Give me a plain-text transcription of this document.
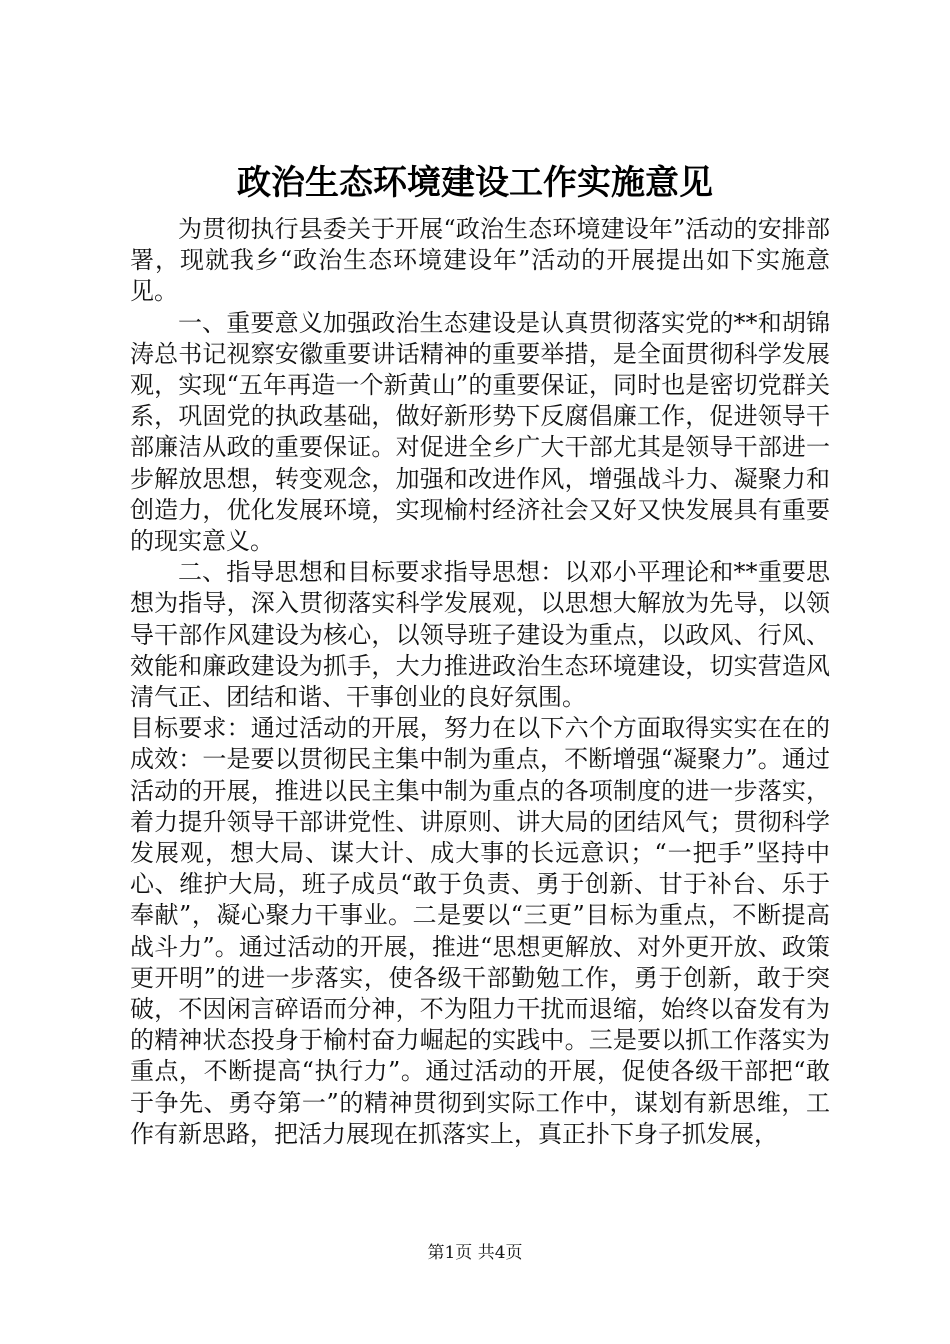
政治生态环境建设工作实施意见

为贯彻执行县委关于开展“政治生态环境建设年”活动的安排部署，现就我乡“政治生态环境建设年”活动的开展提出如下实施意见。

一、重要意义加强政治生态建设是认真贯彻落实党的**和胡锦涛总书记视察安徽重要讲话精神的重要举措，是全面贯彻科学发展观，实现“五年再造一个新黄山”的重要保证，同时也是密切党群关系，巩固党的执政基础，做好新形势下反腐倡廉工作，促进领导干部廉洁从政的重要保证。对促进全乡广大干部尤其是领导干部进一步解放思想，转变观念，加强和改进作风，增强战斗力、凝聚力和创造力，优化发展环境，实现榆村经济社会又好又快发展具有重要的现实意义。

二、指导思想和目标要求指导思想：以邓小平理论和**重要思想为指导，深入贯彻落实科学发展观，以思想大解放为先导，以领导干部作风建设为核心，以领导班子建设为重点，以政风、行风、效能和廉政建设为抓手，大力推进政治生态环境建设，切实营造风清气正、团结和谐、干事创业的良好氛围。

目标要求：通过活动的开展，努力在以下六个方面取得实实在在的成效：一是要以贯彻民主集中制为重点，不断增强“凝聚力”。通过活动的开展，推进以民主集中制为重点的各项制度的进一步落实，着力提升领导干部讲党性、讲原则、讲大局的团结风气；贯彻科学发展观，想大局、谋大计、成大事的长远意识；“一把手”坚持中心、维护大局，班子成员“敢于负责、勇于创新、甘于补台、乐于奉献”，凝心聚力干事业。二是要以“三更”目标为重点，不断提高战斗力”。通过活动的开展，推进“思想更解放、对外更开放、政策更开明”的进一步落实，使各级干部勤勉工作，勇于创新，敢于突破，不因闲言碎语而分神，不为阻力干扰而退缩，始终以奋发有为的精神状态投身于榆村奋力崛起的实践中。三是要以抓工作落实为重点，不断提高“执行力”。通过活动的开展，促使各级干部把“敢于争先、勇夺第一”的精神贯彻到实际工作中，谋划有新思维，工作有新思路，把活力展现在抓落实上，真正扑下身子抓发展，

第1页 共4页
